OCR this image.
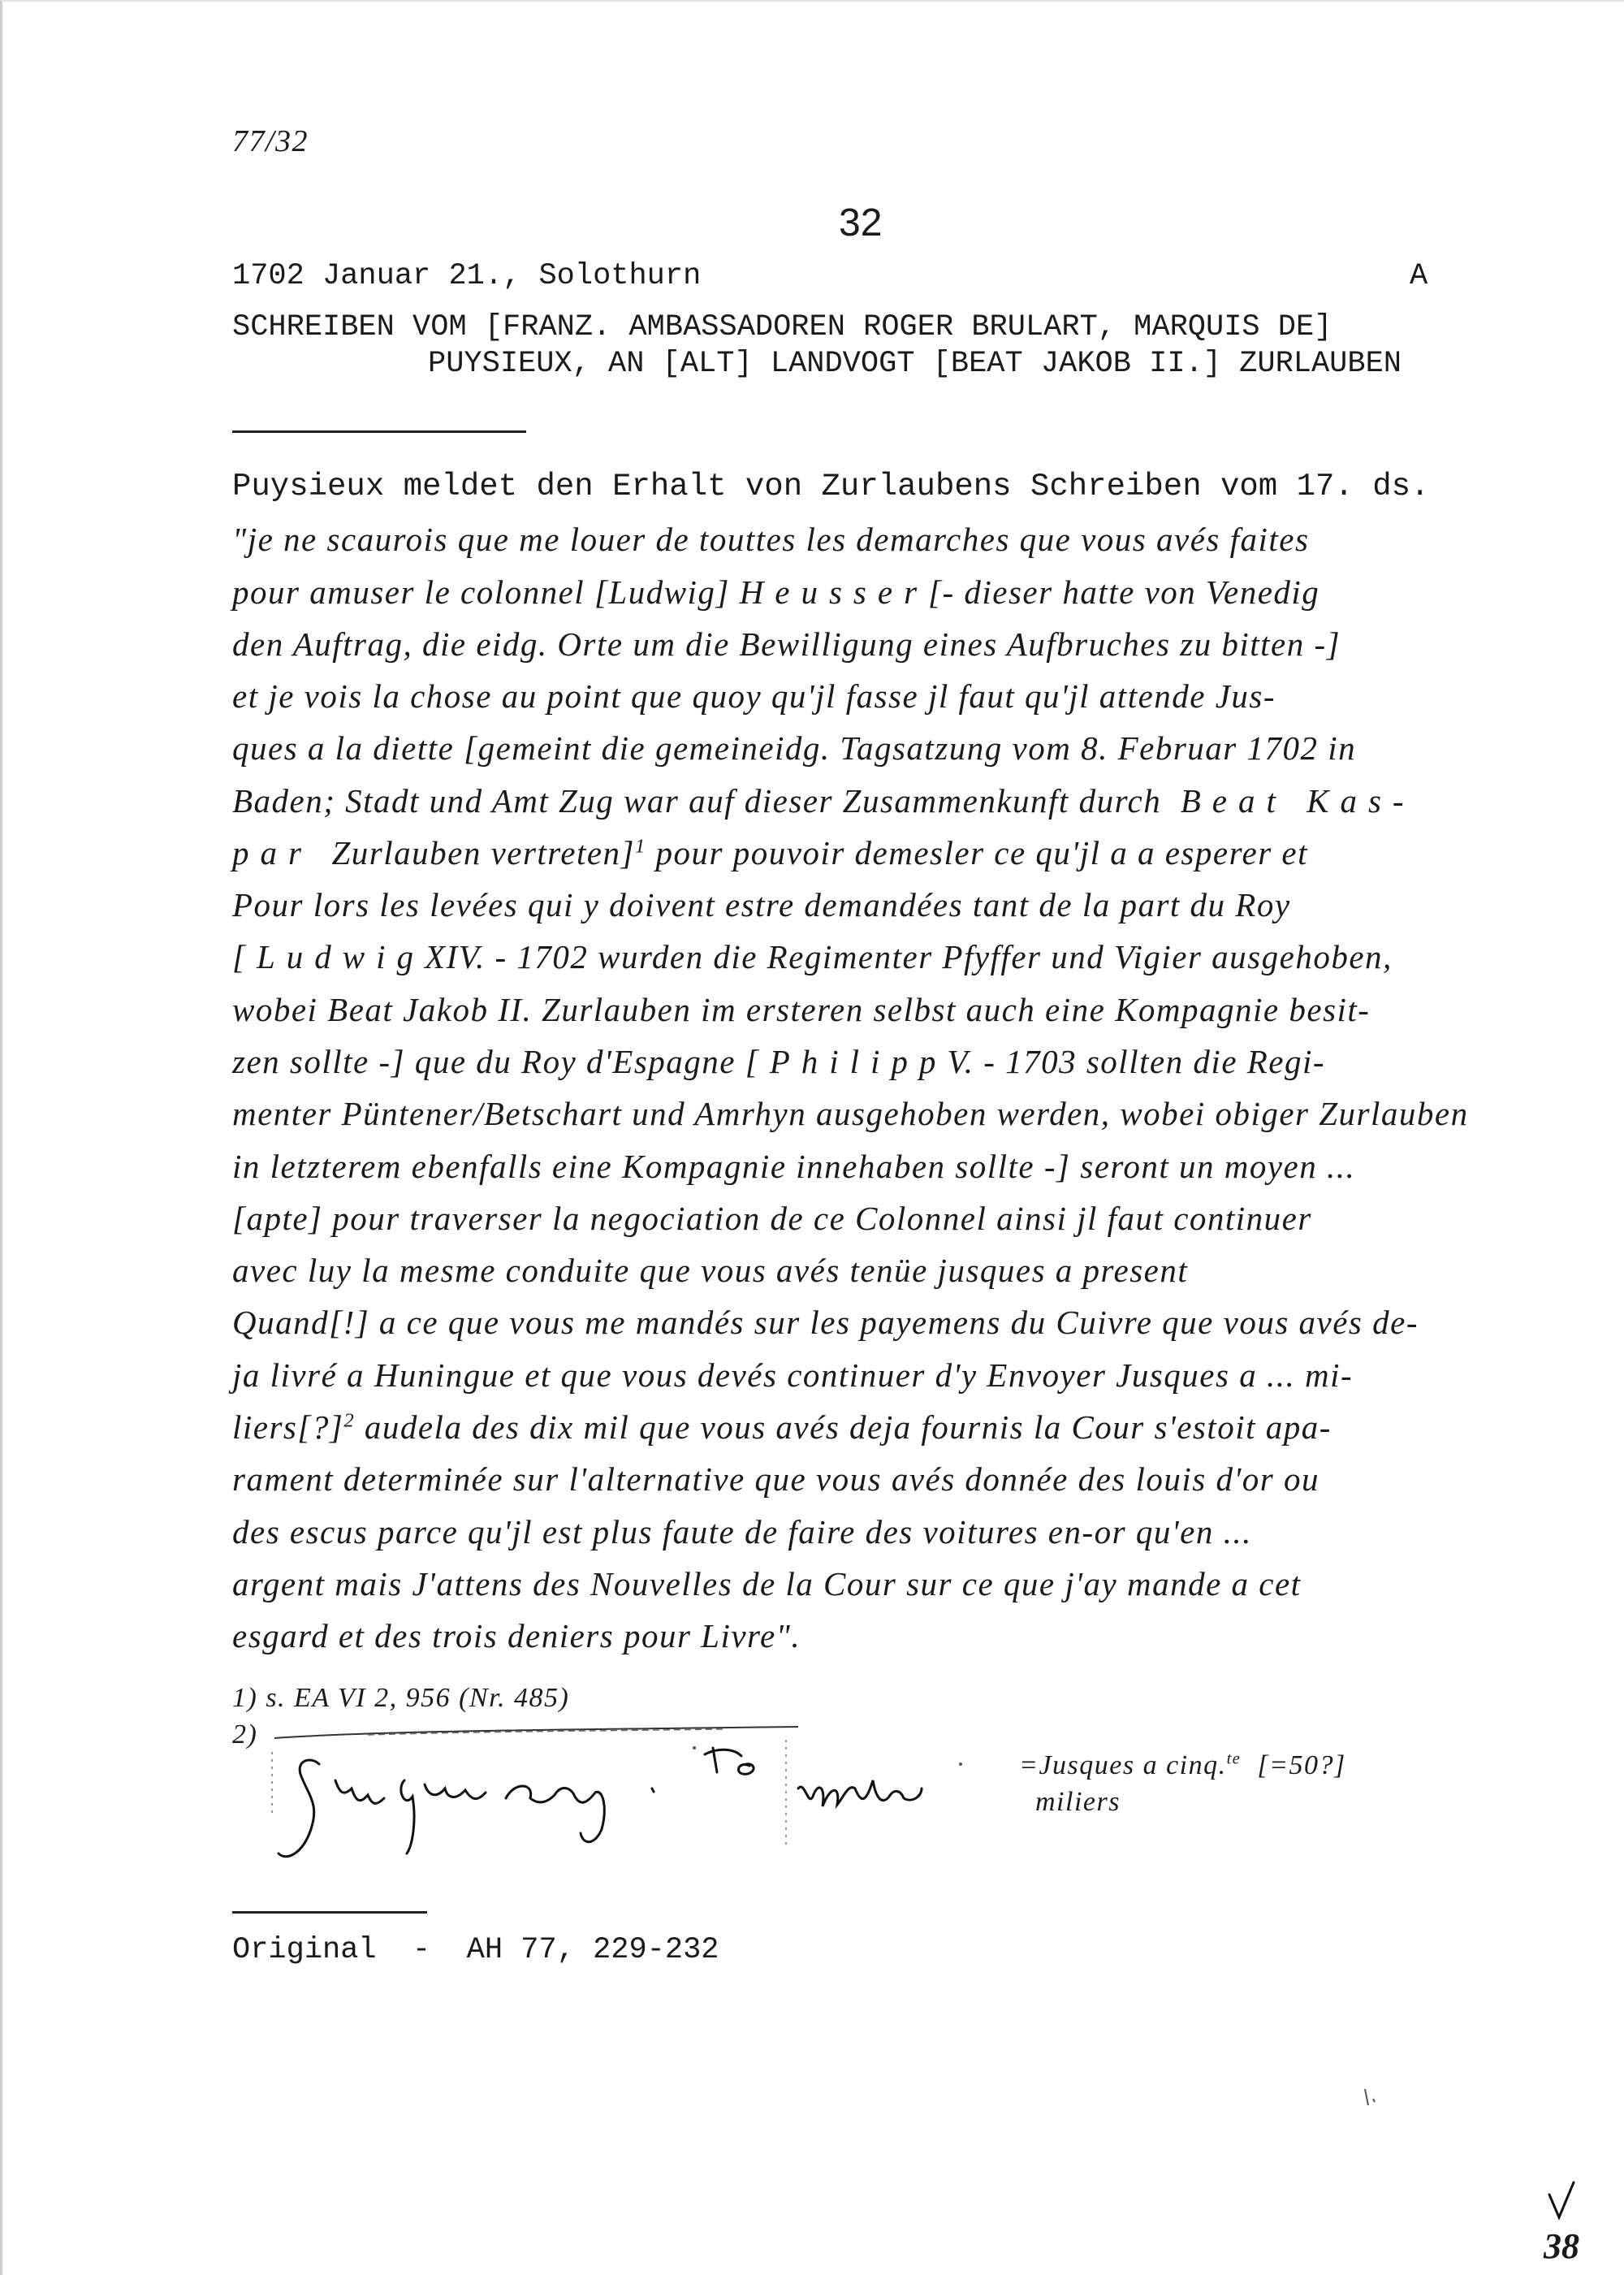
77/32
32
1702 Januar 21., Solothurn	A
SCHREIBEN VOM [FRANZ. AMBASSADOREN ROGER BRULART, MARQUIS DE]
PUYSIEUX, AN [ALT] LANDVOGT [BEAT JAKOB II.] ZURLAUBEN
Puysieux meldet den Erhalt von Zurlaubens Schreiben vom 17. ds.
"je ne scaurois que me louer de touttes les demarches que vous avés faites
pour amuser le colonnel [Ludwig] Heusser[- dieser hatte von Venedig
den Auftrag, die eidg. Orte um die Bewilligung eines Aufbruches zu bitten -]
et je vois la chose au point que quoy qu'jl fasse jl faut qu'jl attende Jus-
ques a la diette [gemeint die gemeineidg. Tagsatzung vom 8. Februar 1702 in
Baden; Stadt und Amt Zug war auf dieser Zusammenkunft durch Beat Kas-
par Zurlauben vertreten]$^1$ pour pouvoir demesler ce qu'jl a a esperer et
Pour lors les levées qui y doivent estre demandées tant de la part du Roy
[LudwigXIV. - 1702 wurden die Regimenter Pfyffer und Vigier ausgehoben,
wobei Beat Jakob II. Zurlauben im ersteren selbst auch eine Kompagnie besit-
zen sollte -] que du Roy d'Espagne [PhilippV. - 1703 sollten die Regi-
menter Püntener/Betschart und Amrhyn ausgehoben werden, wobei obiger Zurlauben
in letzterem ebenfalls eine Kompagnie innehaben sollte -] seront un moyen ...
[apte] pour traverser la negociation de ce Colonnel ainsi jl faut continuer
avec luy la mesme conduite que vous avés tenüe jusques a present
Quand[!] a ce que vous me mandés sur les payemens du Cuivre que vous avés de-
ja livré a Huningue et que vous devés continuer d'y Envoyer Jusques a ... mi-
liers[?]$^2$ audela des dix mil que vous avés deja fournis la Cour s'estoit apa-
rament determinée sur l'alternative que vous avés donnée des louis d'or ou
des escus parce qu'jl est plus faute de faire des voitures en-or qu'en ...
argent mais J'attens des Nouvelles de la Cour sur ce que j'ay mande a cet
esgard et des trois deniers pour Livre".
1) s. EA VI 2, 956 (Nr. 485)
2)
=Jusques a cinq.$^{te}$ [=50?]
miliers
Original  -  AH 77, 229-232
38
